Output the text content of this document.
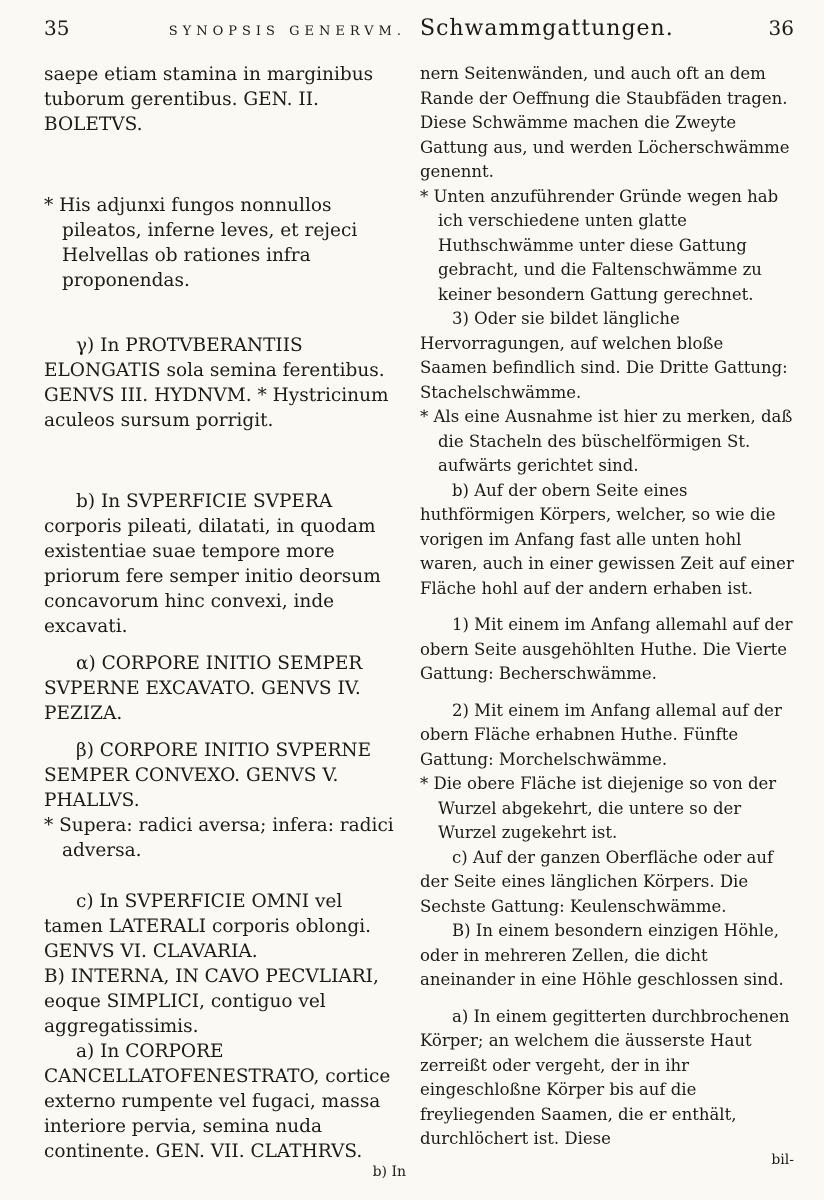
35	SYNOPSIS GENERVM.

saepe etiam stamina in marginibus tuborum gerentibus. GEN. II. BOLETVS.

* His adjunxi fungos nonnullos pileatos, inferne leves, et rejeci Helvellas ob rationes infra proponendas.

γ) In PROTVBERANTIIS ELONGATIS sola semina ferentibus. GENVS III. HYDNVM. * Hystricinum aculeos sursum porrigit.

b) In SVPERFICIE SVPERA corporis pileati, dilatati, in quodam existentiae suae tempore more priorum fere semper initio deorsum concavorum hinc convexi, inde excavati.

α) CORPORE INITIO SEMPER SVPERNE EXCAVATO. GENVS IV. PEZIZA.

β) CORPORE INITIO SVPERNE SEMPER CONVEXO. GENVS V. PHALLVS.

* Supera: radici aversa; infera: radici adversa.

c) In SVPERFICIE OMNI vel tamen LATERALI corporis oblongi. GENVS VI. CLAVARIA.

B) INTERNA, IN CAVO PECVLIARI, eoque SIMPLICI, contiguo vel aggregatissimis.

a) In CORPORE CANCELLATOFENESTRATO, cortice externo rumpente vel fugaci, massa interiore pervia, semina nuda continente. GEN. VII. CLATHRVS.

b) In
Schwammgattungen.	36

nern Seitenwänden, und auch oft an dem Rande der Oeffnung die Staubfäden tragen. Diese Schwämme machen die Zweyte Gattung aus, und werden Löcherschwämme genennt.

* Unten anzuführender Gründe wegen hab ich verschiedene unten glatte Huthschwämme unter diese Gattung gebracht, und die Faltenschwämme zu keiner besondern Gattung gerechnet.

3) Oder sie bildet längliche Hervorragungen, auf welchen bloße Saamen befindlich sind. Die Dritte Gattung: Stachelschwämme.

* Als eine Ausnahme ist hier zu merken, daß die Stacheln des büschelförmigen St. aufwärts gerichtet sind.

b) Auf der obern Seite eines huthförmigen Körpers, welcher, so wie die vorigen im Anfang fast alle unten hohl waren, auch in einer gewissen Zeit auf einer Fläche hohl auf der andern erhaben ist.

1) Mit einem im Anfang allemahl auf der obern Seite ausgehöhlten Huthe. Die Vierte Gattung: Becherschwämme.

2) Mit einem im Anfang allemal auf der obern Fläche erhabnen Huthe. Fünfte Gattung: Morchelschwämme.

* Die obere Fläche ist diejenige so von der Wurzel abgekehrt, die untere so der Wurzel zugekehrt ist.

c) Auf der ganzen Oberfläche oder auf der Seite eines länglichen Körpers. Die Sechste Gattung: Keulenschwämme.

B) In einem besondern einzigen Höhle, oder in mehreren Zellen, die dicht aneinander in eine Höhle geschlossen sind.

a) In einem gegitterten durchbrochenen Körper; an welchem die äusserste Haut zerreißt oder vergeht, der in ihr eingeschloßne Körper bis auf die freyliegenden Saamen, die er enthält, durchlöchert ist. Diese

bil-
